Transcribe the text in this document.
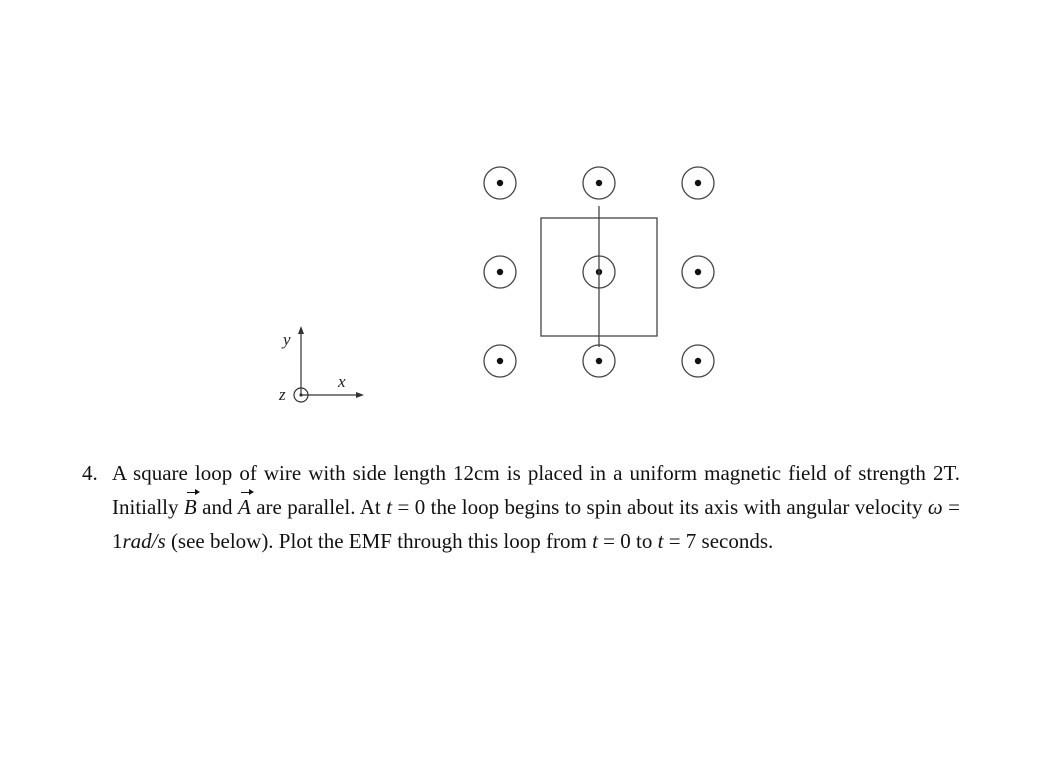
y
x
z
4. A square loop of wire with side length 12cm is placed in a uniform magnetic field of strength 2T. Initially B and A are parallel. At t = 0 the loop begins to spin about its axis with angular velocity ω = 1rad/s (see below). Plot the EMF through this loop from t = 0 to t = 7 seconds.
